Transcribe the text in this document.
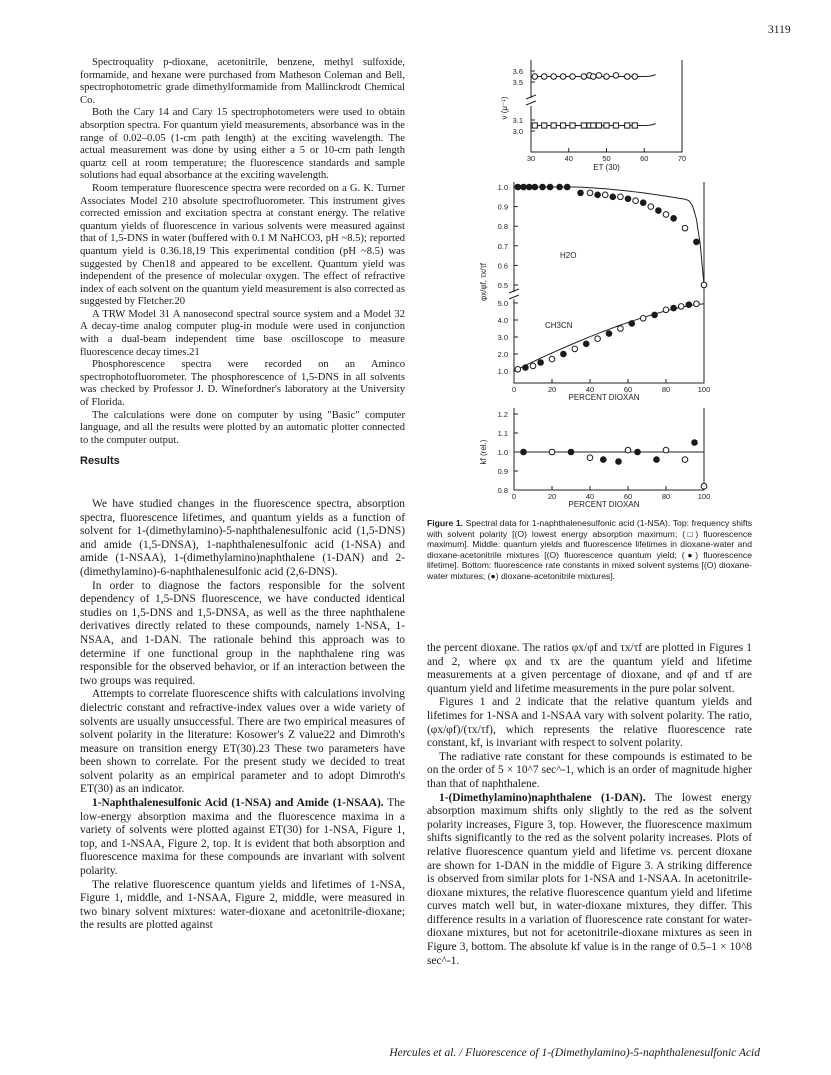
3119

Spectroquality p-dioxane, acetonitrile, benzene, methyl sulfoxide, formamide, and hexane were purchased from Matheson Coleman and Bell, spectrophotometric grade dimethylformamide from Mallinckrodt Chemical Co.

Both the Cary 14 and Cary 15 spectrophotometers were used to obtain absorption spectra. For quantum yield measurements, absorbance was in the range of 0.02–0.05 (1-cm path length) at the exciting wavelength. The actual measurement was done by using either a 5 or 10-cm path length quartz cell at room temperature; the fluorescence standards and sample solutions had equal absorbance at the exciting wavelength.

Room temperature fluorescence spectra were recorded on a G. K. Turner Associates Model 210 absolute spectrofluorometer. This instrument gives corrected emission and excitation spectra at constant energy. The relative quantum yields of fluorescence in various solvents were measured against that of 1,5-DNS in water (buffered with 0.1 M NaHCO3, pH ~8.5); reported quantum yield is 0.36.18,19 This experimental condition (pH ~8.5) was suggested by Chen18 and appeared to be excellent. Quantum yield was independent of the presence of molecular oxygen. The effect of refractive index of each solvent on the quantum yield measurement is also corrected as suggested by Fletcher.20

A TRW Model 31 A nanosecond spectral source system and a Model 32 A decay-time analog computer plug-in module were used in conjunction with a dual-beam independent time base oscilloscope to measure fluorescence decay times.21

Phosphorescence spectra were recorded on an Aminco spectrophotofluorometer. The phosphorescence of 1,5-DNS in all solvents was checked by Professor J. D. Winefordner's laboratory at the University of Florida.

The calculations were done on computer by using "Basic" computer language, and all the results were plotted by an automatic plotter connected to the computer output.

Results

We have studied changes in the fluorescence spectra, absorption spectra, fluorescence lifetimes, and quantum yields as a function of solvent for 1-(dimethylamino)-5-naphthalenesulfonic acid (1,5-DNS) and amide (1,5-DNSA), 1-naphthalenesulfonic acid (1-NSA) and amide (1-NSAA), 1-(dimethylamino)naphthalene (1-DAN) and 2-(dimethylamino)-6-naphthalenesulfonic acid (2,6-DNS).

In order to diagnose the factors responsible for the solvent dependency of 1,5-DNS fluorescence, we have conducted identical studies on 1,5-DNS and 1,5-DNSA, as well as the three naphthalene derivatives directly related to these compounds, namely 1-NSA, 1-NSAA, and 1-DAN. The rationale behind this approach was to determine if one functional group in the naphthalene ring was responsible for the observed behavior, or if an interaction between the two groups was required.

Attempts to correlate fluorescence shifts with calculations involving dielectric constant and refractive-index values over a wide variety of solvents are usually unsuccessful. There are two empirical measures of solvent polarity in the literature: Kosower's Z value22 and Dimroth's measure on transition energy ET(30).23 These two parameters have been shown to correlate. For the present study we decided to treat solvent polarity as an empirical parameter and to adopt Dimroth's ET(30) as an indicator.

1-Naphthalenesulfonic Acid (1-NSA) and Amide (1-NSAA). The low-energy absorption maxima and the fluorescence maxima in a variety of solvents were plotted against ET(30) for 1-NSA, Figure 1, top, and 1-NSAA, Figure 2, top. It is evident that both absorption and fluorescence maxima for these compounds are invariant with solvent polarity.

The relative fluorescence quantum yields and lifetimes of 1-NSA, Figure 1, middle, and 1-NSAA, Figure 2, middle, were measured in two binary solvent mixtures: water-dioxane and acetonitrile-dioxane; the results are plotted against

Figure 1. Spectral data for 1-naphthalenesulfonic acid (1-NSA). Top: frequency shifts with solvent polarity [(O) lowest energy absorption maximum; (□) fluorescence maximum]. Middle: quantum yields and fluorescence lifetimes in dioxane-water and dioxane-acetonitrile mixtures [(O) fluorescence quantum yield; (●) fluorescence lifetime]. Bottom: fluorescence rate constants in mixed solvent systems [(O) dioxane-water mixtures; (●) dioxane-acetonitrile mixtures].

the percent dioxane. The ratios φx/φf and τx/τf are plotted in Figures 1 and 2, where φx and τx are the quantum yield and lifetime measurements at a given percentage of dioxane, and φf and τf are quantum yield and lifetime measurements in the pure polar solvent.

Figures 1 and 2 indicate that the relative quantum yields and lifetimes for 1-NSA and 1-NSAA vary with solvent polarity. The ratio, (φx/φf)/(τx/τf), which represents the relative fluorescence rate constant, kf, is invariant with respect to solvent polarity.

The radiative rate constant for these compounds is estimated to be on the order of 5 × 10^7 sec^-1, which is an order of magnitude higher than that of naphthalene.

1-(Dimethylamino)naphthalene (1-DAN). The lowest energy absorption maximum shifts only slightly to the red as the solvent polarity increases, Figure 3, top. However, the fluorescence maximum shifts significantly to the red as the solvent polarity increases. Plots of relative fluorescence quantum yield and lifetime vs. percent dioxane are shown for 1-DAN in the middle of Figure 3. A striking difference is observed from similar plots for 1-NSA and 1-NSAA. In acetonitrile-dioxane mixtures, the relative fluorescence quantum yield and lifetime curves match well but, in water-dioxane mixtures, they differ. This difference results in a variation of fluorescence rate constant for water-dioxane mixtures, but not for acetonitrile-dioxane mixtures as seen in Figure 3, bottom. The absolute kf value is in the range of 0.5–1 × 10^8 sec^-1.

Hercules et al. / Fluorescence of 1-(Dimethylamino)-5-naphthalenesulfonic Acid
3.0
3.1
3.5
3.6
30	40	50	60	70
ET (30)
ν (μ⁻¹)
0.5
0.6
0.7
0.8
0.9
1.0
1.0
2.0
3.0
4.0
5.0
0	20	40	60	80	100
PERCENT DIOXAN
φx/φf, τx/τf
H2O
CH3CN
0.8
0.9
1.0
1.1
1.2
0	20	40	60	80	100
PERCENT DIOXAN
kf (rel.)
